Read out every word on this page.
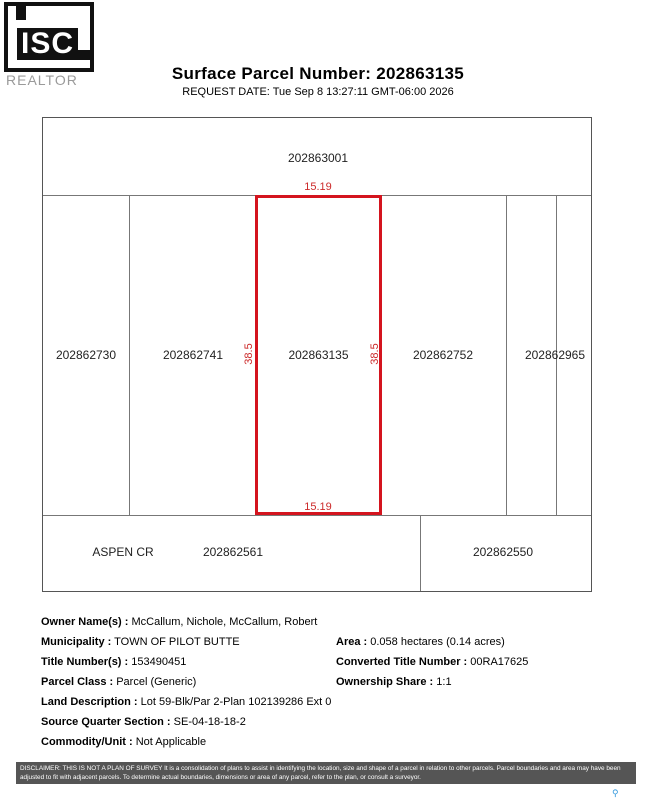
ISC
REALTOR	Surface Parcel Number: 202863135
REQUEST DATE: Tue Sep 8 13:27:11 GMT-06:00 2026
202863001
202862730	202862741	202863135	202862752	202862965
ASPEN CR	202862561	202862550
15.19
15.19
38.5	38.5
Owner Name(s) : McCallum, Nichole, McCallum, Robert
Municipality : TOWN OF PILOT BUTTE	Area : 0.058 hectares (0.14 acres)
Title Number(s) : 153490451	Converted Title Number : 00RA17625
Parcel Class : Parcel (Generic)	Ownership Share : 1:1
Land Description : Lot 59-Blk/Par 2-Plan 102139286 Ext 0
Source Quarter Section : SE-04-18-18-2
Commodity/Unit : Not Applicable
DISCLAIMER: THIS IS NOT A PLAN OF SURVEY It is a consolidation of plans to assist in identifying the location, size and shape of a parcel in relation to other parcels. Parcel boundaries and area may have been adjusted to fit with adjacent parcels. To determine actual boundaries, dimensions or area of any parcel, refer to the plan, or consult a surveyor.
⚲
